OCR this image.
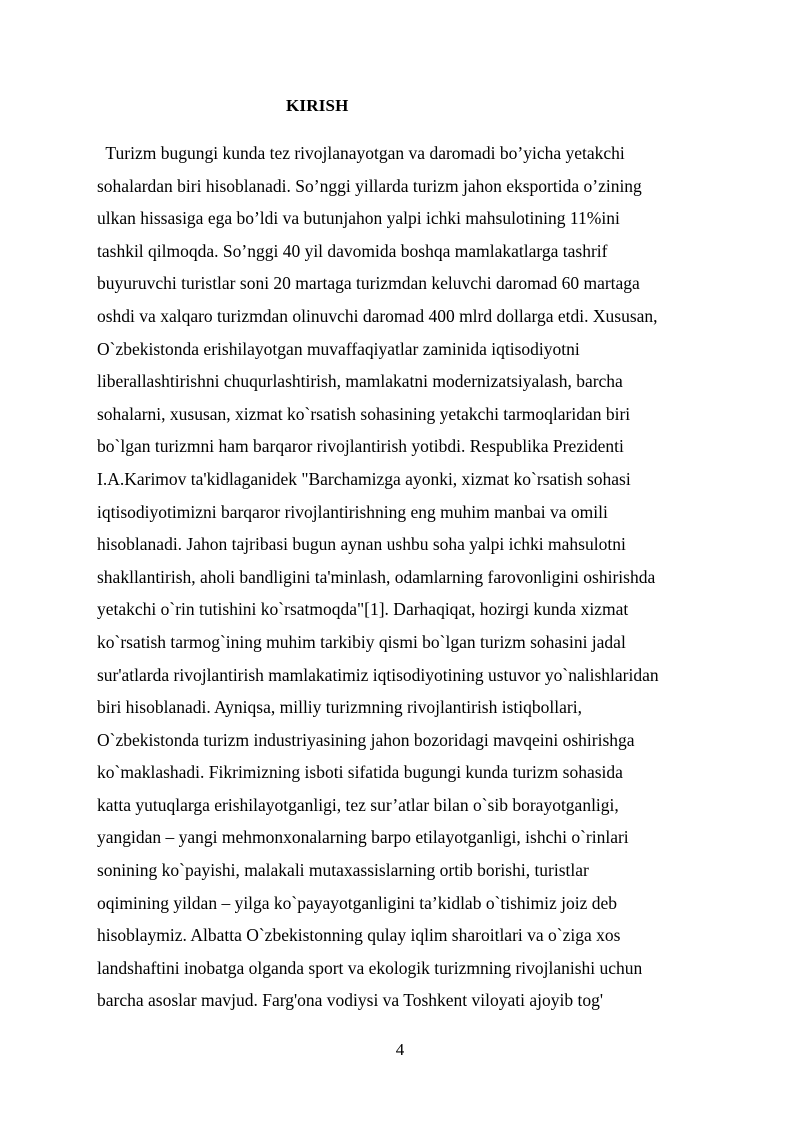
KIRISH
Turizm bugungi kunda tez rivojlanayotgan va daromadi bo’yicha yetakchi
sohalardan biri hisoblanadi. So’nggi yillarda turizm jahon eksportida o’zining
ulkan hissasiga ega bo’ldi va butunjahon yalpi ichki mahsulotining 11%ini
tashkil qilmoqda. So’nggi 40 yil davomida boshqa mamlakatlarga tashrif
buyuruvchi turistlar soni 20 martaga turizmdan keluvchi daromad 60 martaga
oshdi va xalqaro turizmdan olinuvchi daromad 400 mlrd dollarga etdi. Xususan,
O`zbekistonda erishilayotgan muvaffaqiyatlar zaminida iqtisodiyotni
liberallashtirishni chuqurlashtirish, mamlakatni modernizatsiyalash, barcha
sohalarni, xususan, xizmat ko`rsatish sohasining yetakchi tarmoqlaridan biri
bo`lgan turizmni ham barqaror rivojlantirish yotibdi. Respublika Prezidenti
I.A.Karimov ta'kidlaganidek "Barchamizga ayonki, xizmat ko`rsatish sohasi
iqtisodiyotimizni barqaror rivojlantirishning eng muhim manbai va omili
hisoblanadi. Jahon tajribasi bugun aynan ushbu soha yalpi ichki mahsulotni
shakllantirish, aholi bandligini ta'minlash, odamlarning farovonligini oshirishda
yetakchi o`rin tutishini ko`rsatmoqda"[1]. Darhaqiqat, hozirgi kunda xizmat
ko`rsatish tarmog`ining muhim tarkibiy qismi bo`lgan turizm sohasini jadal
sur'atlarda rivojlantirish mamlakatimiz iqtisodiyotining ustuvor yo`nalishlaridan
biri hisoblanadi. Ayniqsa, milliy turizmning rivojlantirish istiqbollari,
O`zbekistonda turizm industriyasining jahon bozoridagi mavqeini oshirishga
ko`maklashadi. Fikrimizning isboti sifatida bugungi kunda turizm sohasida
katta yutuqlarga erishilayotganligi, tez sur’atlar bilan o`sib borayotganligi,
yangidan – yangi mehmonxonalarning barpo etilayotganligi, ishchi o`rinlari
sonining ko`payishi, malakali mutaxassislarning ortib borishi, turistlar
oqimining yildan – yilga ko`payayotganligini ta’kidlab o`tishimiz joiz deb
hisoblaymiz. Albatta O`zbekistonning qulay iqlim sharoitlari va o`ziga xos
landshaftini inobatga olganda sport va ekologik turizmning rivojlanishi uchun
barcha asoslar mavjud. Farg'ona vodiysi va Toshkent viloyati ajoyib tog'

4
